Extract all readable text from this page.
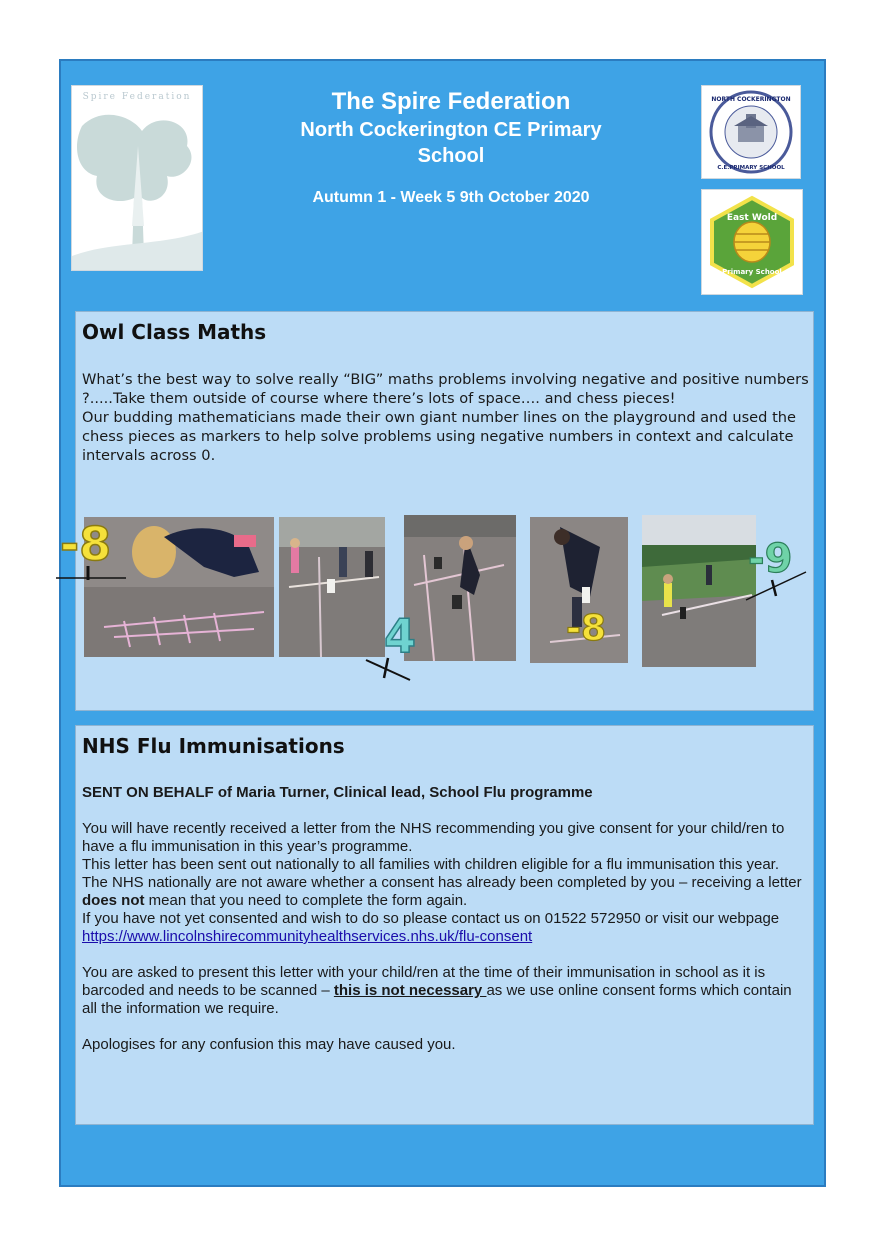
Spire Federation	The Spire Federation
North Cockerington CE Primary School
Autumn 1 - Week 5 9th October 2020
NORTH COCKERINGTON
C.E.PRIMARY SCHOOL
East Wold
Primary School
Owl Class Maths

What’s the best way to solve really “BIG” maths problems involving negative and positive numbers ?.....Take them outside of course where there’s lots of space…. and chess pieces!

Our budding mathematicians made their own giant number lines on the playground and used the chess pieces as markers to help solve problems using negative numbers in context and calculate intervals across 0.

-8
4	-8
-9
NHS Flu Immunisations

SENT ON BEHALF of Maria Turner, Clinical lead, School Flu programme

You will have recently received a letter from the NHS recommending you give consent for your child/ren to have a flu immunisation in this year’s programme.

This letter has been sent out nationally to all families with children eligible for a flu immunisation this year.

The NHS nationally are not aware whether a consent has already been completed by you – receiving a letter does not mean that you need to complete the form again.

If you have not yet consented and wish to do so please contact us on 01522 572950 or visit our webpage https://www.lincolnshirecommunityhealthservices.nhs.uk/flu-consent

You are asked to present this letter with your child/ren at the time of their immunisation in school as it is barcoded and needs to be scanned – this is not necessary as we use online consent forms which contain all the information we require.

Apologises for any confusion this may have caused you.
